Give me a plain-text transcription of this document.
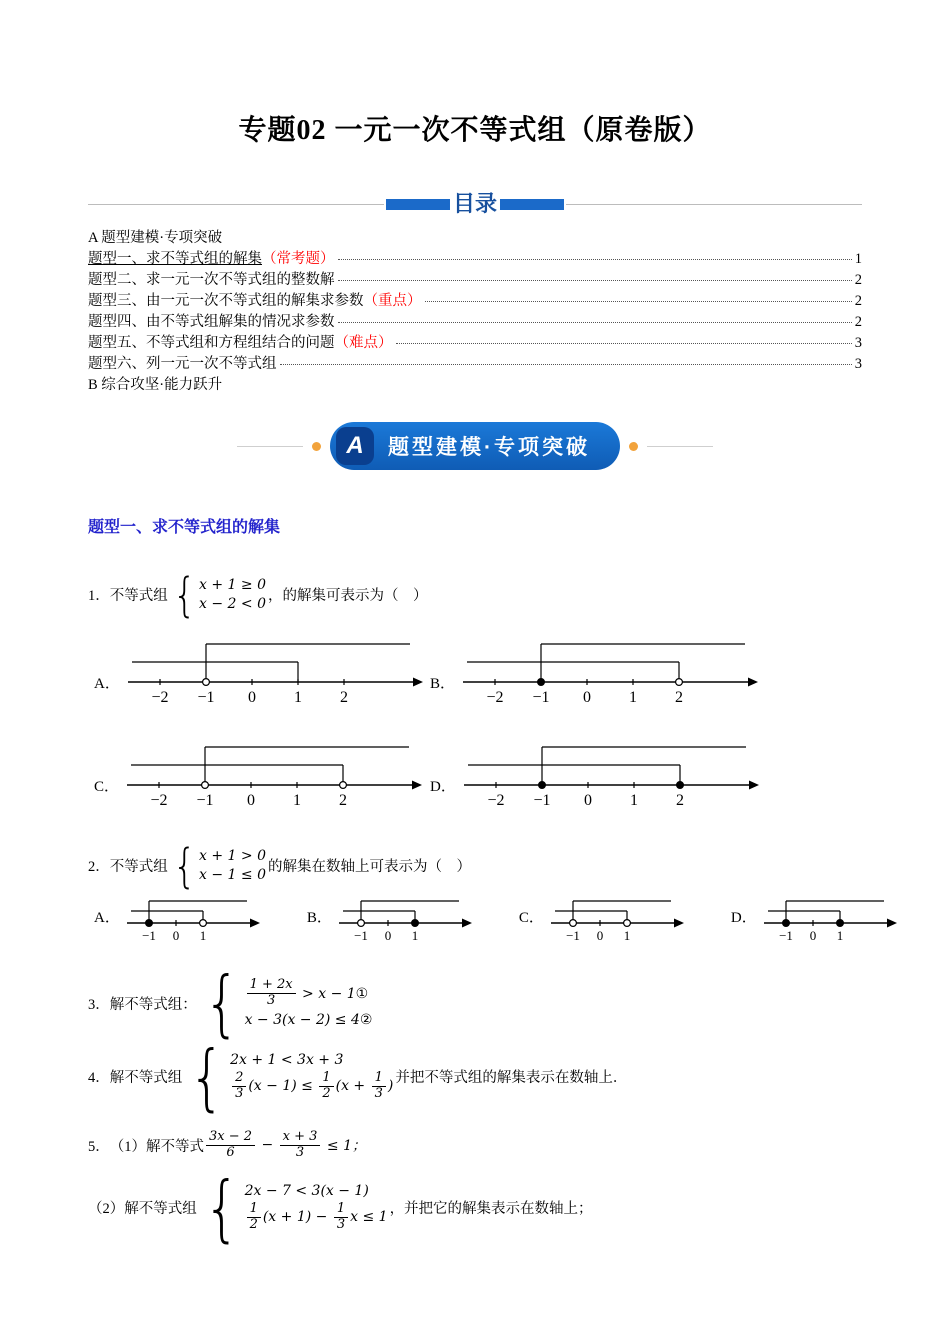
专题02 一元一次不等式组（原卷版）
目录
A 题型建模·专项突破
题型一、求不等式组的解集 （常考题）	1
题型二、求一元一次不等式组的整数解	2
题型三、由一元一次不等式组的解集求参数 （重点）	2
题型四、由不等式组解集的情况求参数	2
题型五、不等式组和方程组结合的问题 （难点）	3
题型六、列一元一次不等式组	3
B 综合攻坚·能力跃升
A	题型建模·专项突破
题型一、求不等式组的解集
1． 不等式组 { x + 1 ≥ 0
x − 2 < 0 ，的解集可表示为（　）
A．
−2 −1 0 1 2
B．
−2 −1 0 1 2
C．
−2 −1 0 1 2
D．
−2 −1 0 1 2
2． 不等式组 { x + 1 > 0
x − 1 ≤ 0 的解集在数轴上可表示为（　）
A．
−1 0 1
B．
−1 0 1
C．
−1 0 1
D．
−1 0 1
3． 解不等式组： { $\frac{1 + 2x}{3} > x$ − 1①
x − 3(x − 2) ≤ 4②
4． 解不等式组 { 2x + 1 < 3x + 3
$\frac{2}{3} (x - 1) \le \frac{1}{2} (x + \frac{1}{3}$ ) 并把不等式组的解集表示在数轴上．
5． （1）解不等式 $\frac{3x - 2}{6} - \frac{x + 3}{3} \le 1$；
（2）解不等式组 { 2x − 7 < 3(x − 1)
$\frac{1}{2} (x + 1) - \frac{1}{3}$ x ≤ 1 ，并把它的解集表示在数轴上；
